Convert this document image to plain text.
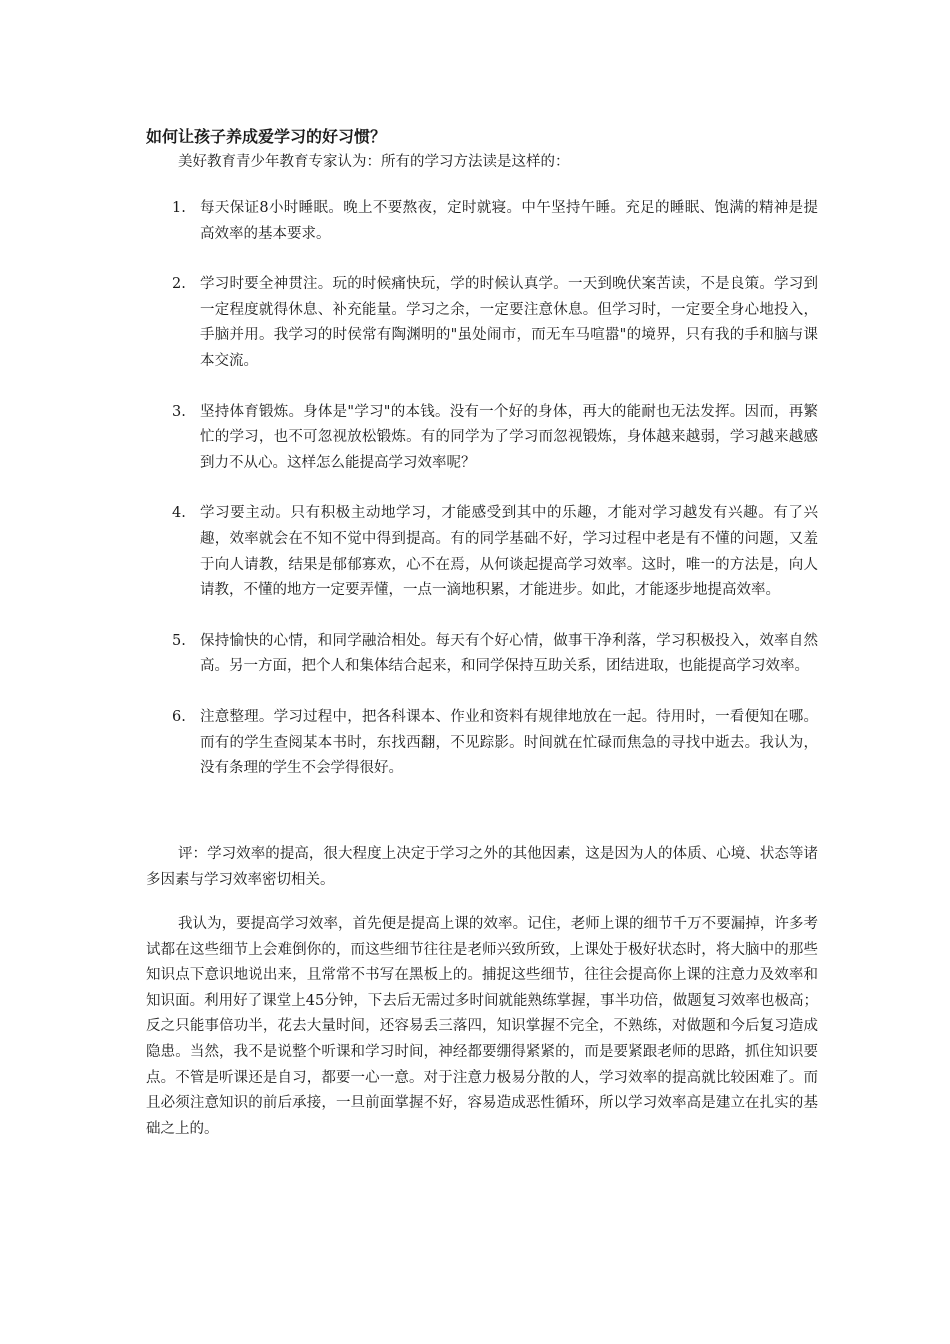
如何让孩子养成爱学习的好习惯？

美好教育青少年教育专家认为：所有的学习方法读是这样的：

1. 每天保证8小时睡眠。晚上不要熬夜，定时就寝。中午坚持午睡。充足的睡眠、饱满的精神是提高效率的基本要求。
2. 学习时要全神贯注。玩的时候痛快玩，学的时候认真学。一天到晚伏案苦读，不是良策。学习到一定程度就得休息、补充能量。学习之余，一定要注意休息。但学习时，一定要全身心地投入，手脑并用。我学习的时侯常有陶渊明的"虽处闹市，而无车马喧嚣"的境界，只有我的手和脑与课本交流。
3. 坚持体育锻炼。身体是"学习"的本钱。没有一个好的身体，再大的能耐也无法发挥。因而，再繁忙的学习，也不可忽视放松锻炼。有的同学为了学习而忽视锻炼，身体越来越弱，学习越来越感到力不从心。这样怎么能提高学习效率呢？
4. 学习要主动。只有积极主动地学习，才能感受到其中的乐趣，才能对学习越发有兴趣。有了兴趣，效率就会在不知不觉中得到提高。有的同学基础不好，学习过程中老是有不懂的问题，又羞于向人请教，结果是郁郁寡欢，心不在焉，从何谈起提高学习效率。这时，唯一的方法是，向人请教，不懂的地方一定要弄懂，一点一滴地积累，才能进步。如此，才能逐步地提高效率。
5. 保持愉快的心情，和同学融洽相处。每天有个好心情，做事干净利落，学习积极投入，效率自然高。另一方面，把个人和集体结合起来，和同学保持互助关系，团结进取，也能提高学习效率。
6. 注意整理。学习过程中，把各科课本、作业和资料有规律地放在一起。待用时，一看便知在哪。而有的学生查阅某本书时，东找西翻，不见踪影。时间就在忙碌而焦急的寻找中逝去。我认为，没有条理的学生不会学得很好。

评：学习效率的提高，很大程度上决定于学习之外的其他因素，这是因为人的体质、心境、状态等诸多因素与学习效率密切相关。

我认为，要提高学习效率，首先便是提高上课的效率。记住，老师上课的细节千万不要漏掉，许多考试都在这些细节上会难倒你的，而这些细节往往是老师兴致所致，上课处于极好状态时，将大脑中的那些知识点下意识地说出来，且常常不书写在黑板上的。捕捉这些细节，往往会提高你上课的注意力及效率和知识面。利用好了课堂上45分钟，下去后无需过多时间就能熟练掌握，事半功倍，做题复习效率也极高；反之只能事倍功半，花去大量时间，还容易丢三落四，知识掌握不完全，不熟练，对做题和今后复习造成隐患。当然，我不是说整个听课和学习时间，神经都要绷得紧紧的，而是要紧跟老师的思路，抓住知识要点。不管是听课还是自习，都要一心一意。对于注意力极易分散的人，学习效率的提高就比较困难了。而且必须注意知识的前后承接，一旦前面掌握不好，容易造成恶性循环，所以学习效率高是建立在扎实的基础之上的。
